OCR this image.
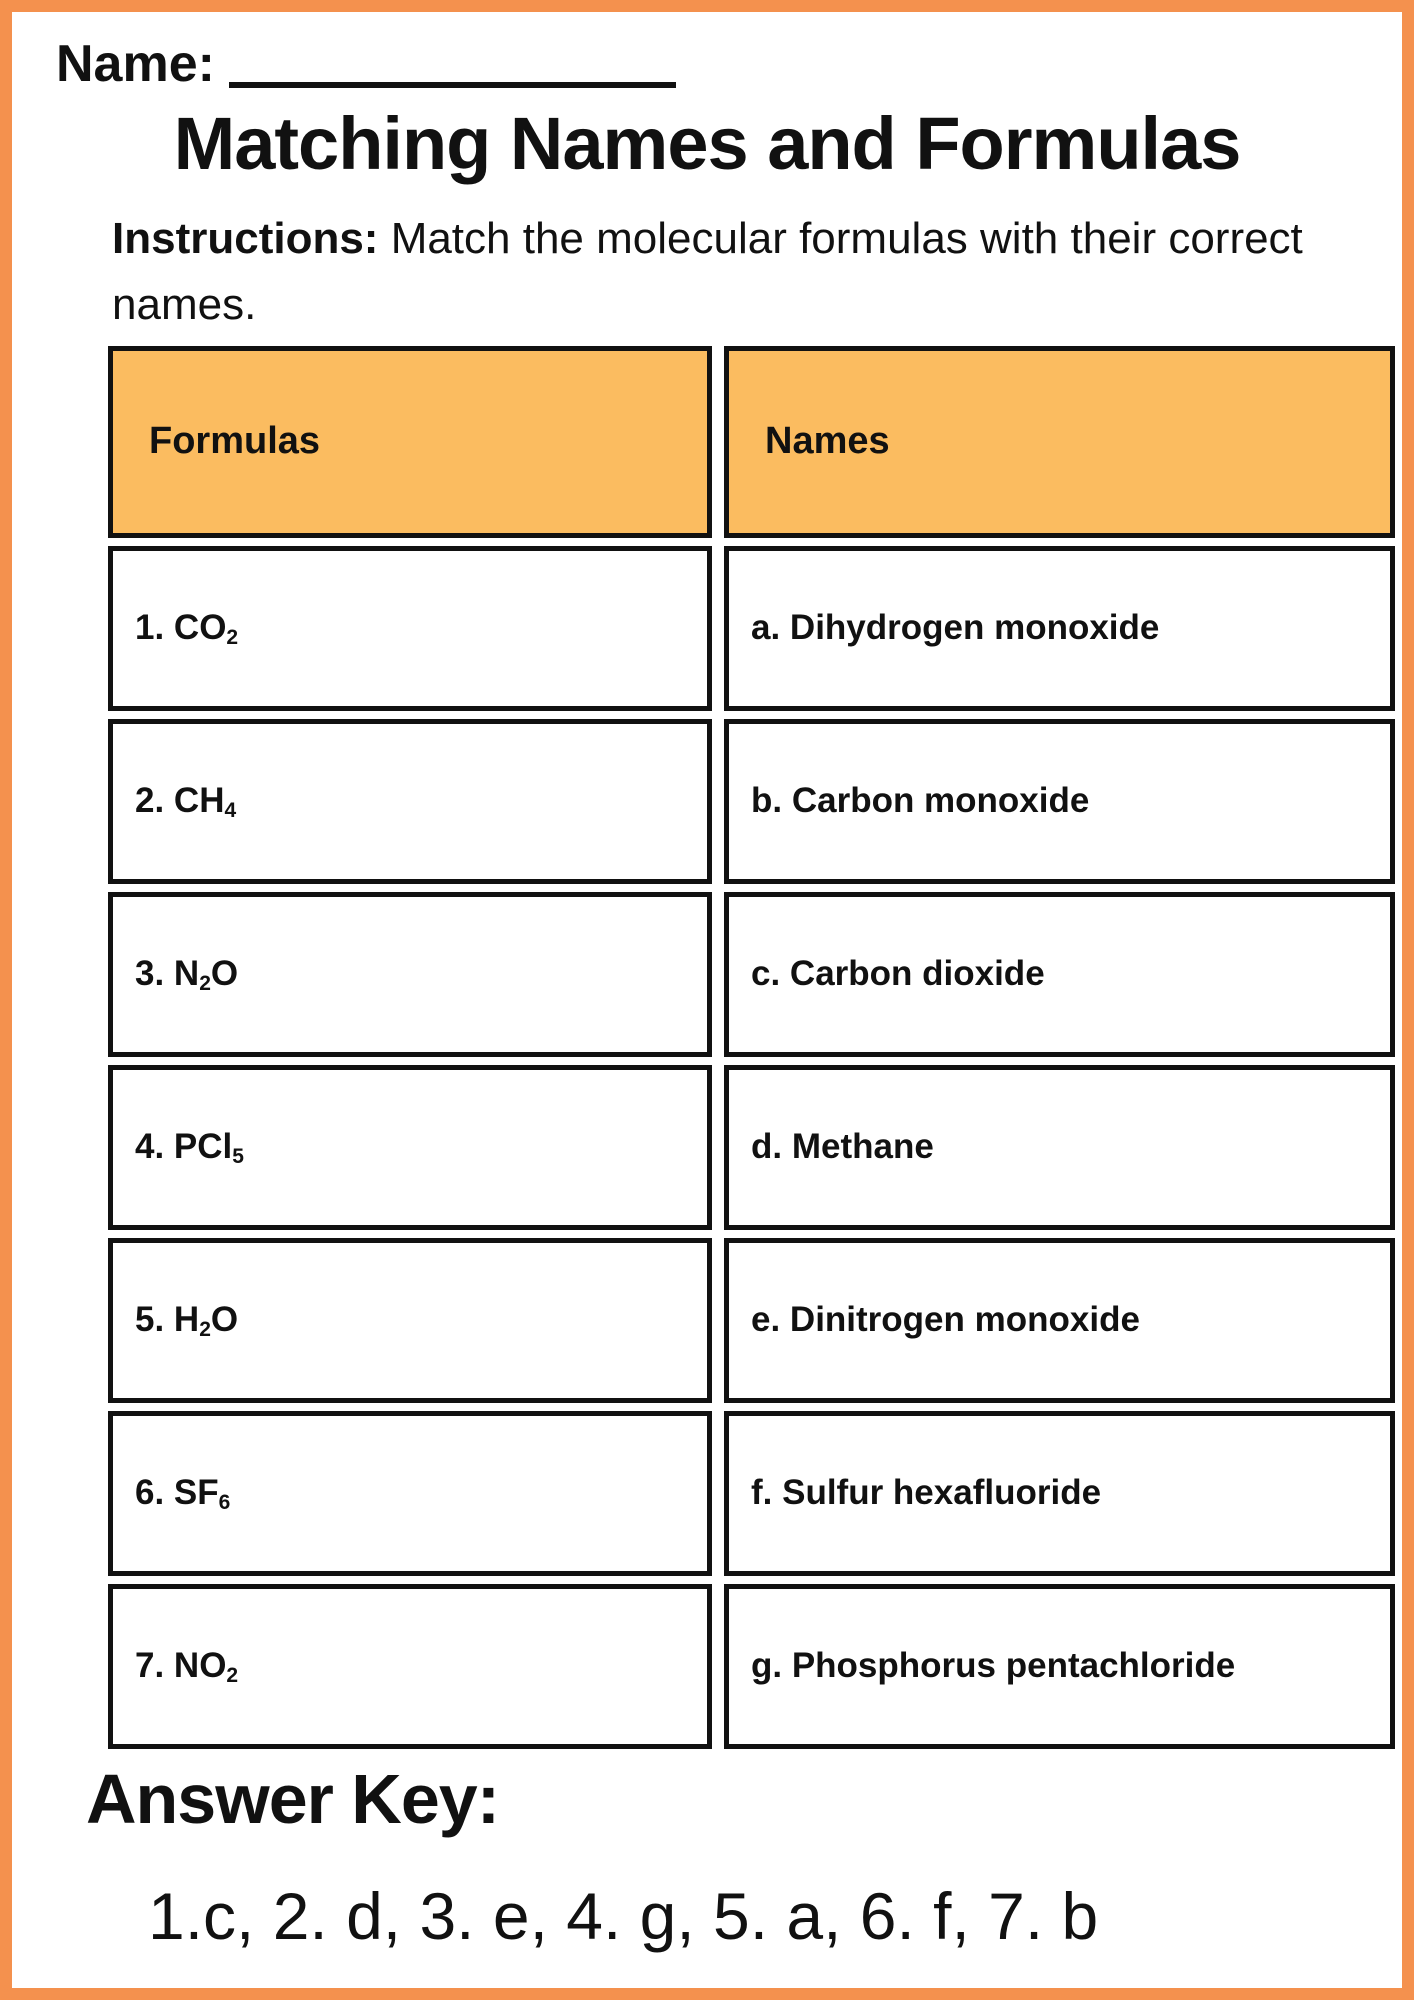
Name:
Matching Names and Formulas
Instructions: Match the molecular formulas with their correct
names.
Formulas
1. CO2
2. CH4
3. N2O
4. PCl5
5. H2O
6. SF6
7. NO2
Names
a. Dihydrogen monoxide
b. Carbon monoxide
c. Carbon dioxide
d. Methane
e. Dinitrogen monoxide
f. Sulfur hexafluoride
g. Phosphorus pentachloride
Answer Key:
1.c, 2. d, 3. e, 4. g, 5. a, 6. f, 7. b
